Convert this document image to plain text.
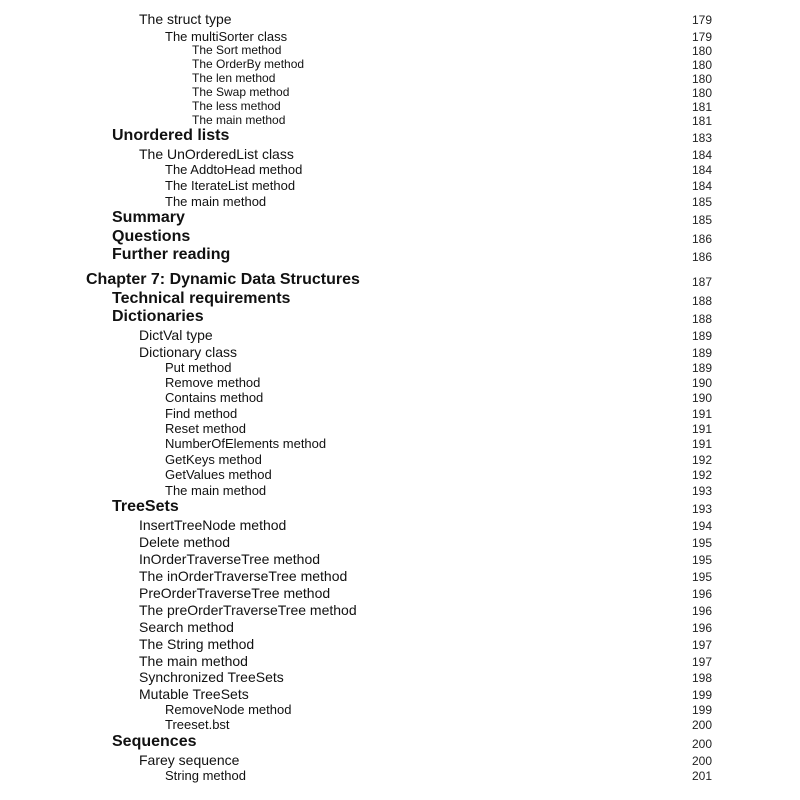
The struct type	179
The multiSorter class	179
The Sort method	180
The OrderBy method	180
The len method	180
The Swap method	180
The less method	181
The main method	181
Unordered lists	183
The UnOrderedList class	184
The AddtoHead method	184
The IterateList method	184
The main method	185
Summary	185
Questions	186
Further reading	186
Chapter 7: Dynamic Data Structures	187
Technical requirements	188
Dictionaries	188
DictVal type	189
Dictionary class	189
Put method	189
Remove method	190
Contains method	190
Find method	191
Reset method	191
NumberOfElements method	191
GetKeys method	192
GetValues method	192
The main method	193
TreeSets	193
InsertTreeNode method	194
Delete method	195
InOrderTraverseTree method	195
The inOrderTraverseTree method	195
PreOrderTraverseTree method	196
The preOrderTraverseTree method	196
Search method	196
The String method	197
The main method	197
Synchronized TreeSets	198
Mutable TreeSets	199
RemoveNode method	199
Treeset.bst	200
Sequences	200
Farey sequence	200
String method	201
